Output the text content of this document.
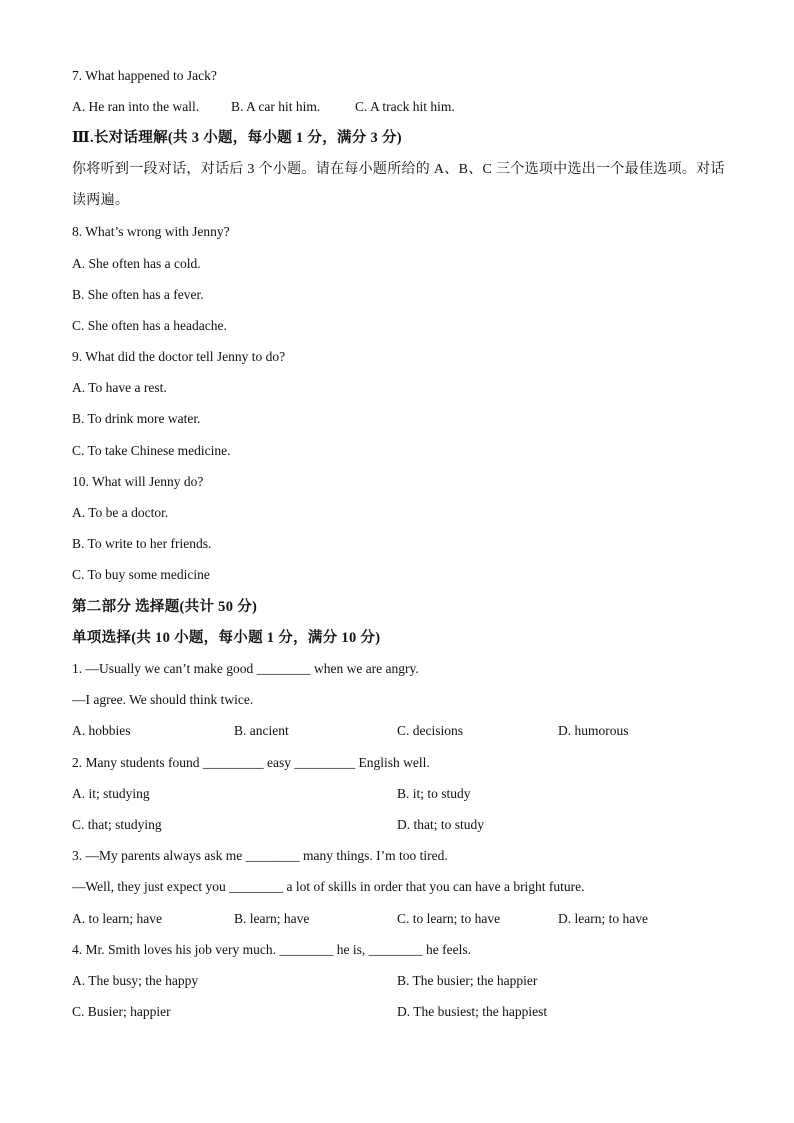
7. What happened to Jack?
A. He ran into the wall. B. A car hit him.	C. A track hit him.
Ⅲ.长对话理解(共 3 小题，每小题 1 分，满分 3 分)
你将听到一段对话，对话后 3 个小题。请在每小题所给的 A、B、C 三个选项中选出一个最佳选项。对话
读两遍。
8. What’s wrong with Jenny?
A. She often has a cold.
B. She often has a fever.
C. She often has a headache.
9. What did the doctor tell Jenny to do?
A. To have a rest.
B. To drink more water.
C. To take Chinese medicine.
10. What will Jenny do?
A. To be a doctor.
B. To write to her friends.
C. To buy some medicine
第二部分 选择题(共计 50 分)
单项选择(共 10 小题，每小题 1 分，满分 10 分)
1. —Usually we can’t make good ________ when we are angry.
—I agree. We should think twice.
A. hobbies	B. ancient	C. decisions	D. humorous
2. Many students found _________ easy _________ English well.
A. it; studying	B. it; to study
C. that; studying	D. that; to study
3. —My parents always ask me ________ many things. I’m too tired.
—Well, they just expect you ________ a lot of skills in order that you can have a bright future.
A. to learn; have	B. learn; have	C. to learn; to have	D. learn; to have
4. Mr. Smith loves his job very much. ________ he is, ________ he feels.
A. The busy; the happy	B. The busier; the happier
C. Busier; happier	D. The busiest; the happiest
